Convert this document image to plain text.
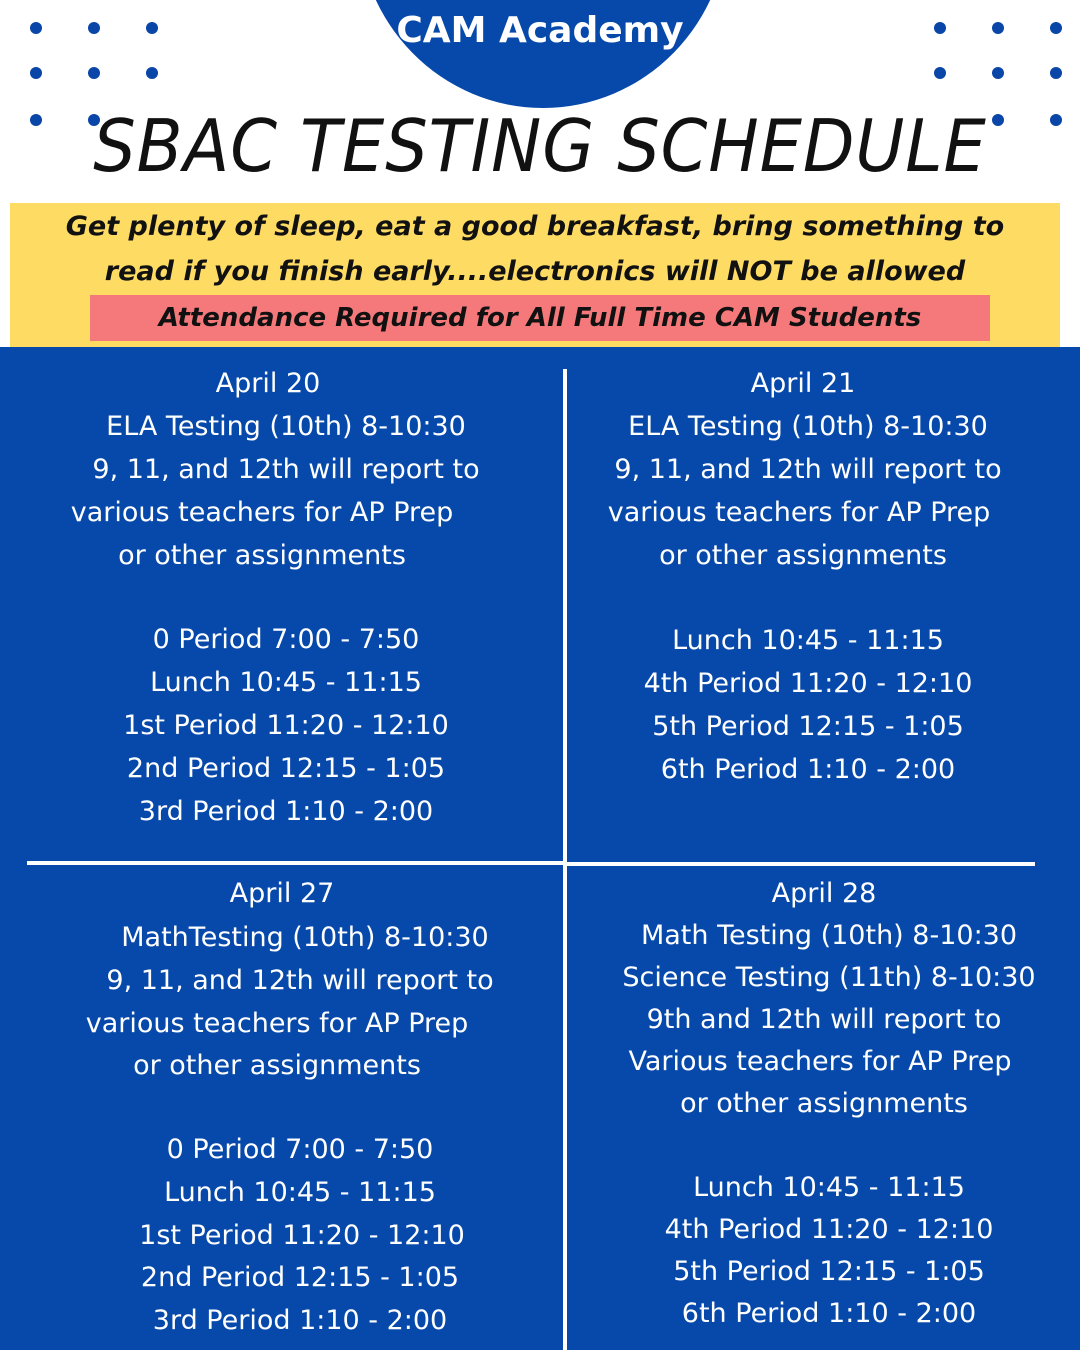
CAM Academy
SBAC TESTING SCHEDULE
Get plenty of sleep, eat a good breakfast, bring something to
read if you finish early....electronics will NOT be allowed
Attendance Required for All Full Time CAM Students
April 20
ELA Testing (10th) 8-10:30
9, 11, and 12th will report to
various teachers for AP Prep
or other assignments
0 Period 7:00 - 7:50
Lunch 10:45 - 11:15
1st Period 11:20 - 12:10
2nd Period 12:15 - 1:05
3rd Period 1:10 - 2:00
April 21
ELA Testing (10th) 8-10:30
9, 11, and 12th will report to
various teachers for AP Prep
or other assignments
Lunch 10:45 - 11:15
4th Period 11:20 - 12:10
5th Period 12:15 - 1:05
6th Period 1:10 - 2:00
April 27
MathTesting (10th) 8-10:30
9, 11, and 12th will report to
various teachers for AP Prep
or other assignments
0 Period 7:00 - 7:50
Lunch 10:45 - 11:15
1st Period 11:20 - 12:10
2nd Period 12:15 - 1:05
3rd Period 1:10 - 2:00
April 28
Math Testing (10th) 8-10:30
Science Testing (11th) 8-10:30
9th and 12th will report to
Various teachers for AP Prep
or other assignments
Lunch 10:45 - 11:15
4th Period 11:20 - 12:10
5th Period 12:15 - 1:05
6th Period 1:10 - 2:00
